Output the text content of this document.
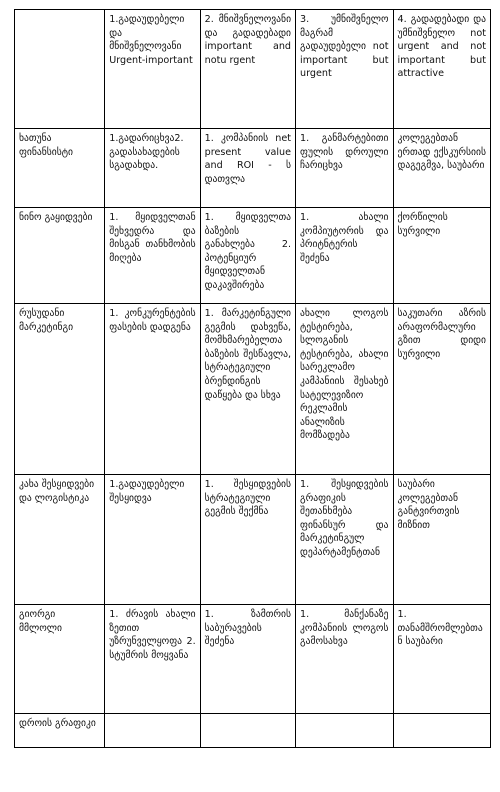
	1.გადაუდებელი და მნიშვნელოვანი Urgent-important	2. მნიშვნელოვანი და გადადებადი important and notu rgent	3. უმნიშვნელო მაგრამ გადაუდებელი not important but urgent	4. გადადებადი და უმნიშვნელო not urgent and not important but attractive
ხათუნა ფინანსისტი	1.გადარიცხვა2. გადასახადების სგადახდა.	1. კომპანიის net present value and ROI - ს დათვლა	1. განმარტებითი ფულის დროული ჩარიცხვა	კოლეგებთან ერთად ექსკურსიის დაგეგმვა, საუბარი
ნინო გაყიდვები	1. მყიდველთან შეხვედრა და მისგან თანხმობის მიღება	1. მყიდველთა ბაზების განახლება 2. პოტენციურ მყიდველთან დაკავშირება	1. ახალი კომპიუტორის და პრიტნტერის შეძენა	ქორწილის სურვილი
რუსუდანი მარკეტინგი	1. კონკურენტების ფასების დადგენა	1. მარკეტინგული გეგმის დახვეწა, მომხმარებელთა ბაზების შესწავლა, სტრატეგიული ბრენდინგის დაწყება და სხვა	ახალი ლოგოს ტესტირება, სლოგანის ტესტირება, ახალი სარეკლამო კამპანიის შესახებ სატელევიზიო რეკლამის ანალიზის მომზადება	საკუთარი აზრის არაფორმალური გზით დიდი სურვილი
კახა შესყიდვები და ლოგისტიკა	1.გადაუდებელი შესყიდვა	1. შესყიდვების სტრატეგიული გეგმის შექმნა	1. შესყიდვების გრაფიკის შეთანხმება ფინანსურ და მარკეტინგულ დეპარტამენტთან	საუბარი კოლეგებთან განტვირთვის მიზნით
გიორგი მმლოლი	1. ძრავის ახალი ზეთით უზრუნველყოფა 2. სტუმრის მოყვანა	1. ზამთრის საბურავების შეძენა	1. მანქანაზე კომპანიის ლოგოს გამოსახვა	1. თანამშრომლებთან საუბარი
დროის გრაფიკი				
